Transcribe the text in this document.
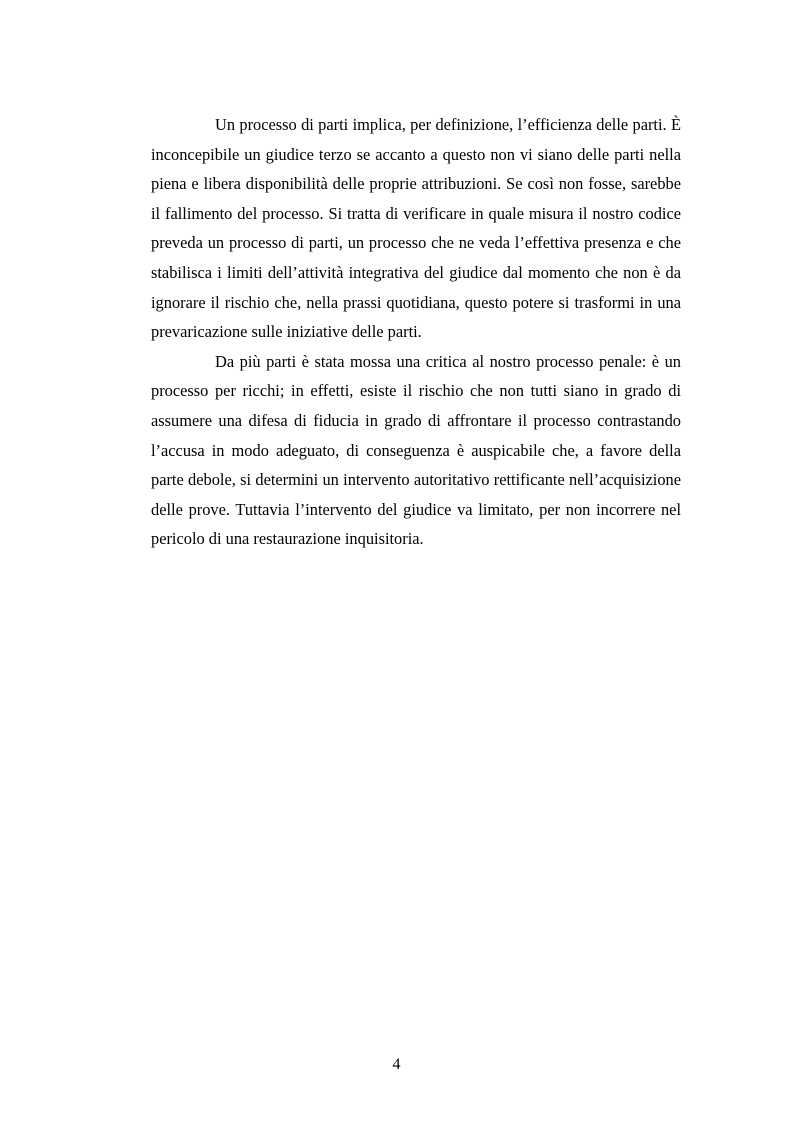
Un processo di parti implica, per definizione, l’efficienza delle parti. È inconcepibile un giudice terzo se accanto a questo non vi siano delle parti nella piena e libera disponibilità delle proprie attribuzioni. Se così non fosse, sarebbe il fallimento del processo. Si tratta di verificare in quale misura il nostro codice preveda un processo di parti, un processo che ne veda l’effettiva presenza e che stabilisca i limiti dell’attività integrativa del giudice dal momento che non è da ignorare il rischio che, nella prassi quotidiana, questo potere si trasformi in una prevaricazione sulle iniziative delle parti.

Da più parti è stata mossa una critica al nostro processo penale: è un processo per ricchi; in effetti, esiste il rischio che non tutti siano in grado di assumere una difesa di fiducia in grado di affrontare il processo contrastando l’accusa in modo adeguato, di conseguenza è auspicabile che, a favore della parte debole, si determini un intervento autoritativo rettificante nell’acquisizione delle prove. Tuttavia l’intervento del giudice va limitato, per non incorrere nel pericolo di una restaurazione inquisitoria.

4
